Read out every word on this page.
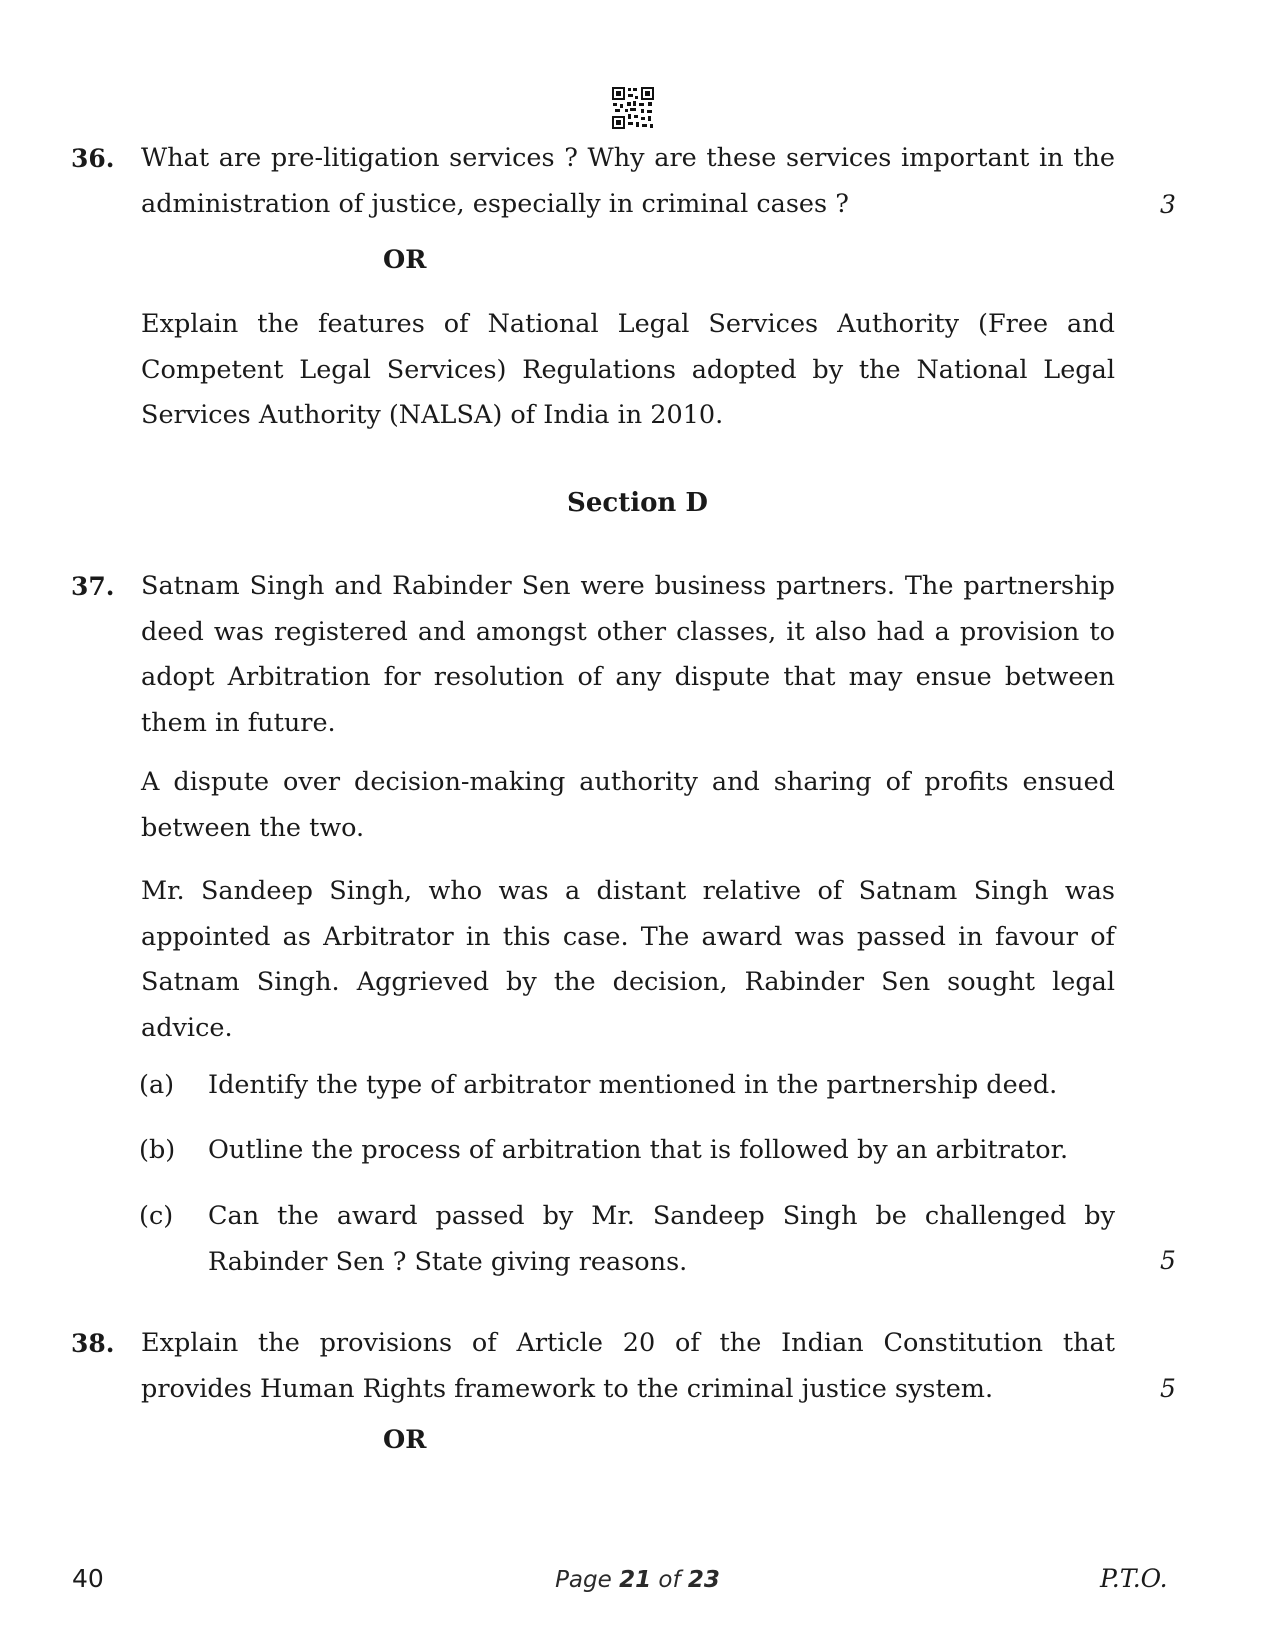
36. What are pre-litigation services ? Why are these services important in the administration of justice, especially in criminal cases ?	3
OR
Explain the features of National Legal Services Authority (Free and Competent Legal Services) Regulations adopted by the National Legal Services Authority (NALSA) of India in 2010.
Section D
37. Satnam Singh and Rabinder Sen were business partners. The partnership deed was registered and amongst other classes, it also had a provision to adopt Arbitration for resolution of any dispute that may ensue between them in future.
A dispute over decision-making authority and sharing of profits ensued between the two.
Mr. Sandeep Singh, who was a distant relative of Satnam Singh was appointed as Arbitrator in this case. The award was passed in favour of Satnam Singh. Aggrieved by the decision, Rabinder Sen sought legal advice.
(a) Identify the type of arbitrator mentioned in the partnership deed.
(b) Outline the process of arbitration that is followed by an arbitrator.
(c) Can the award passed by Mr. Sandeep Singh be challenged by Rabinder Sen ? State giving reasons.	5
38. Explain the provisions of Article 20 of the Indian Constitution that provides Human Rights framework to the criminal justice system.	5
OR
40	Page 21 of 23	P.T.O.
